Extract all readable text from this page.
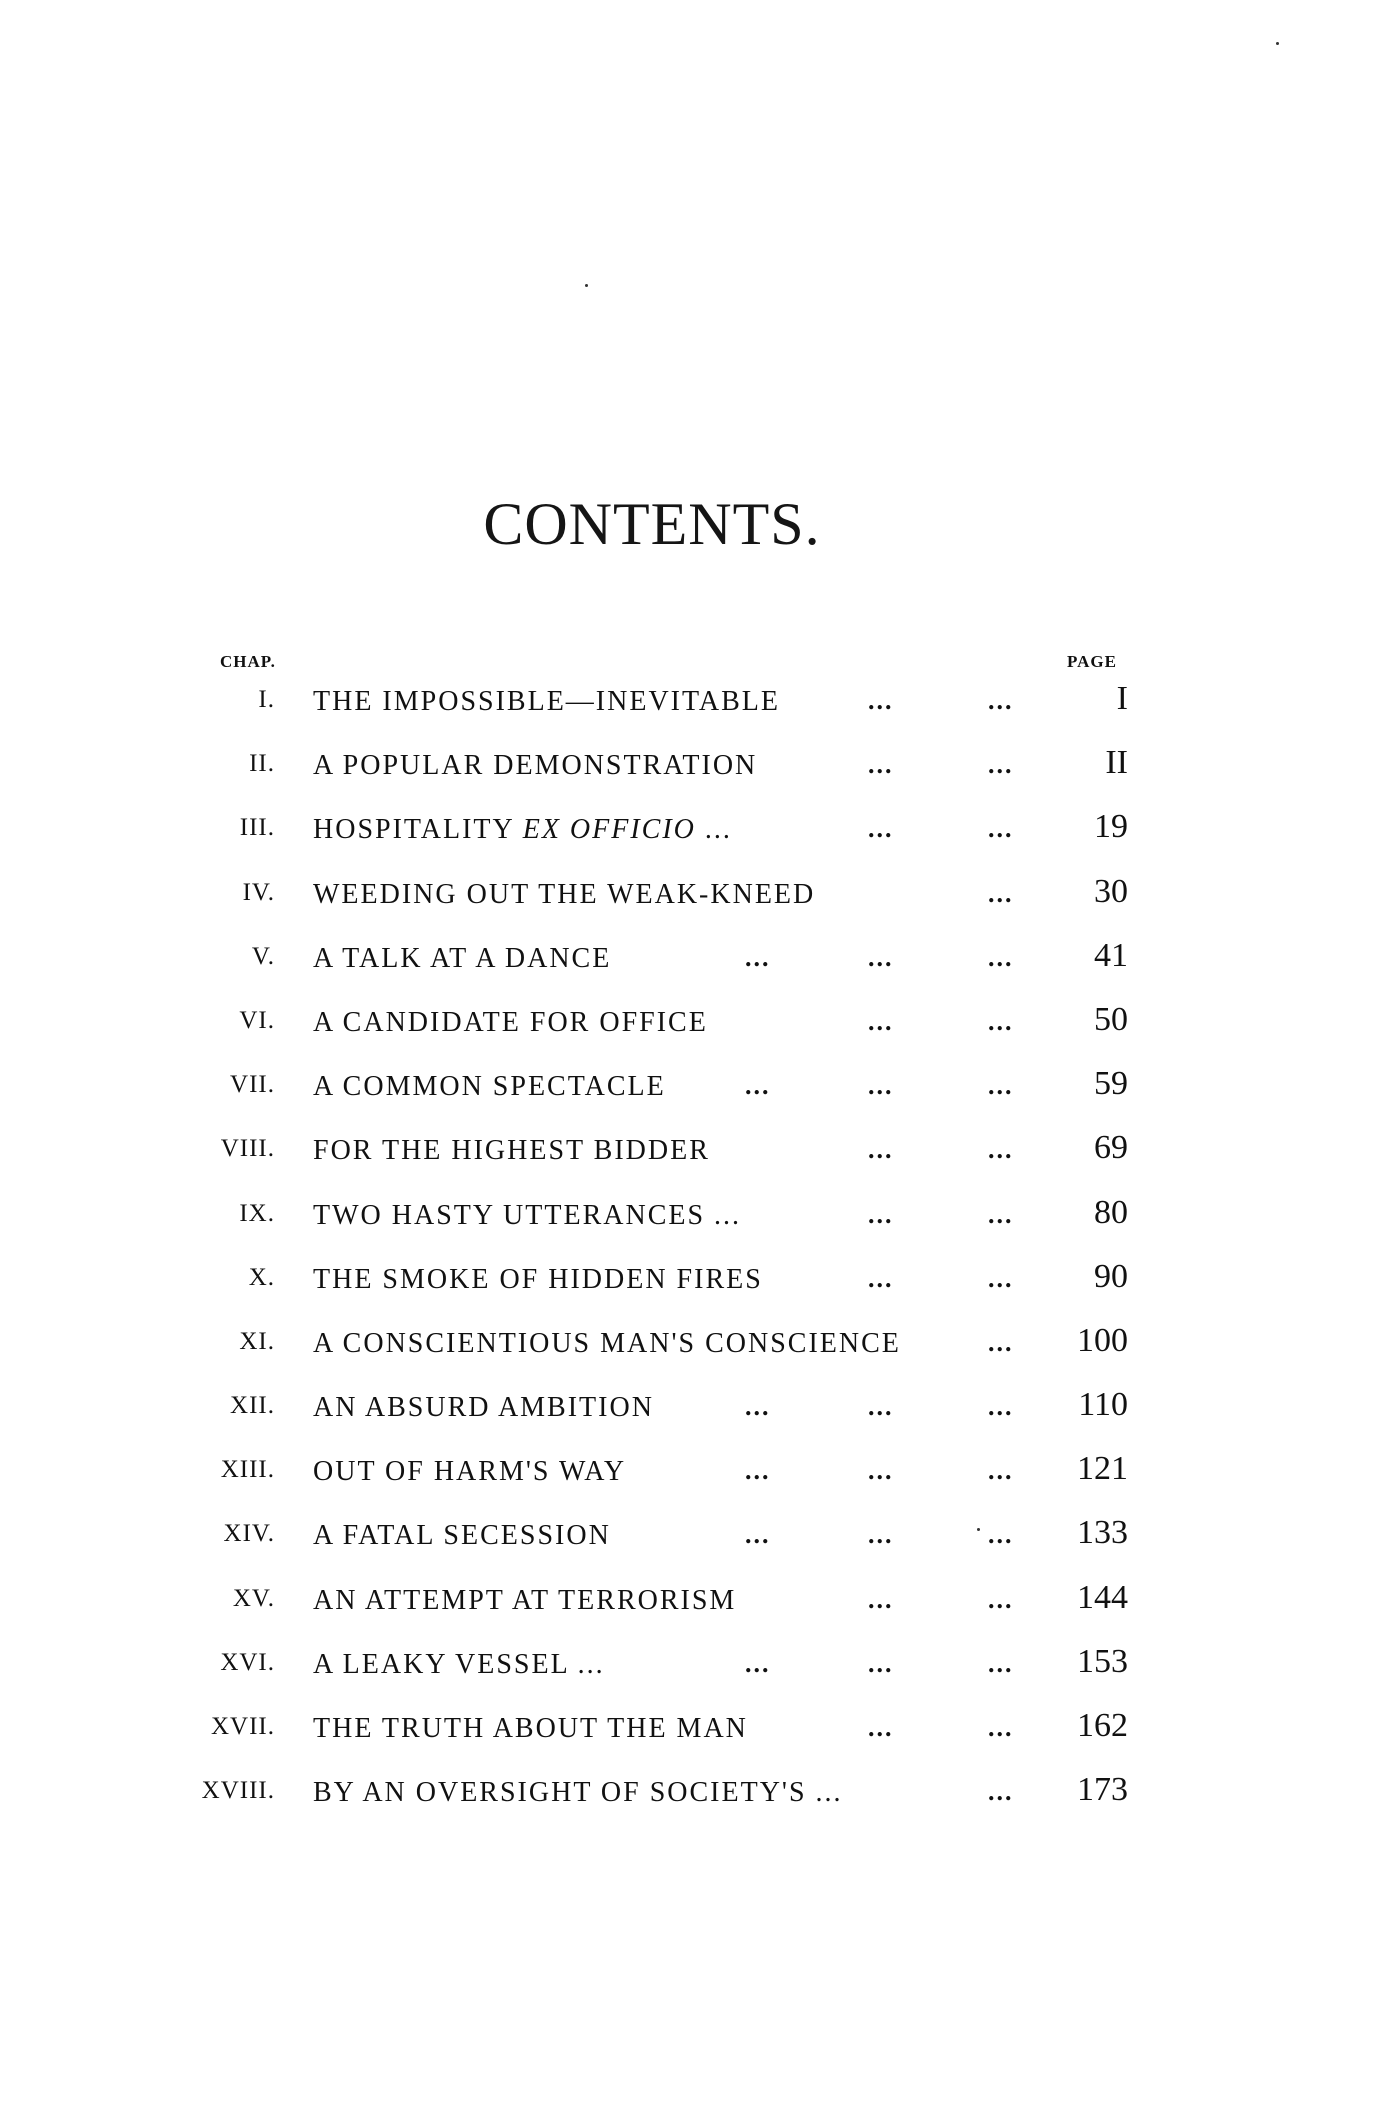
CONTENTS.
CHAP.	PAGE
I. THE IMPOSSIBLE—INEVITABLE	...	...	I
II. A POPULAR DEMONSTRATION	...	...	II
III. HOSPITALITY EX OFFICIO ...	...	... 19
IV. WEEDING OUT THE WEAK-KNEED	... 30
V. A TALK AT A DANCE	...	...	... 41
VI. A CANDIDATE FOR OFFICE	...	... 50
VII. A COMMON SPECTACLE	...	...	... 59
VIII. FOR THE HIGHEST BIDDER	...	... 69
IX. TWO HASTY UTTERANCES ...	...	... 80
X. THE SMOKE OF HIDDEN FIRES	...	... 90
XI. A CONSCIENTIOUS MAN'S CONSCIENCE	... 100
XII. AN ABSURD AMBITION	...	...	... 110
XIII. OUT OF HARM'S WAY	...	...	... 121
XIV. A FATAL SECESSION	...	...	... 133
XV. AN ATTEMPT AT TERRORISM	...	... 144
XVI. A LEAKY VESSEL ...	...	...	... 153
XVII. THE TRUTH ABOUT THE MAN	...	... 162
XVIII. BY AN OVERSIGHT OF SOCIETY'S ...	... 173
